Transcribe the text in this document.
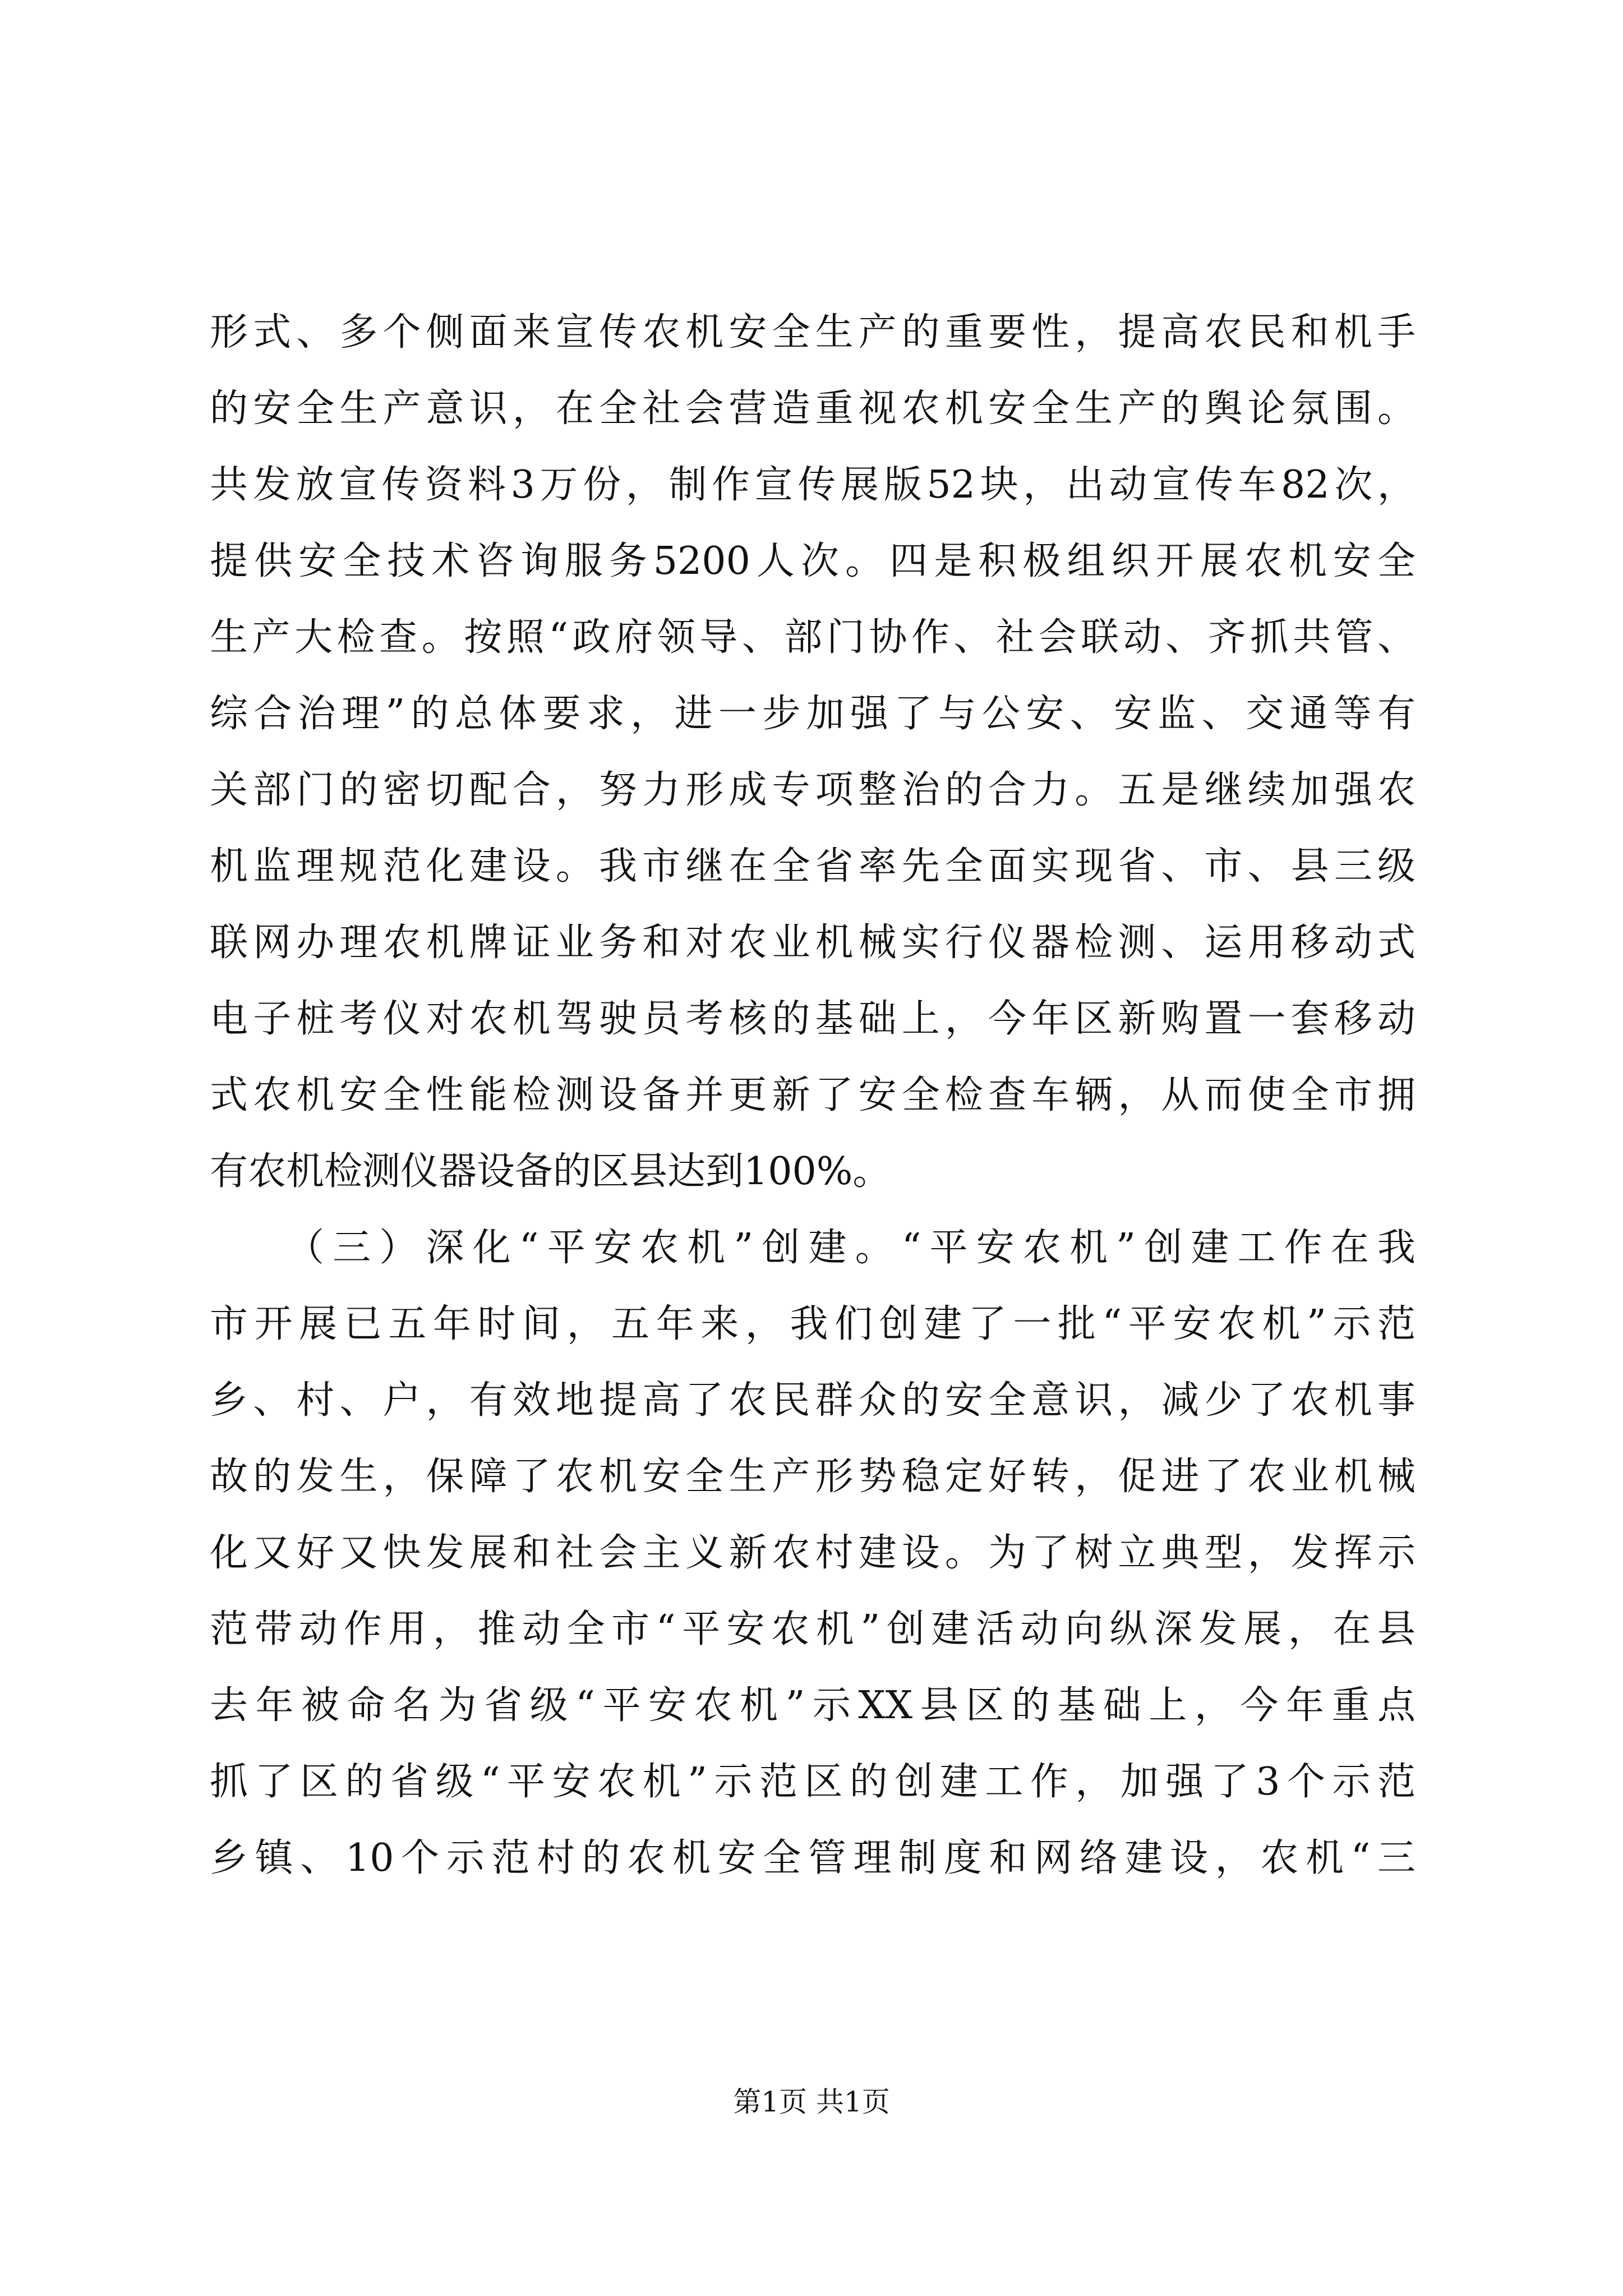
形式、多个侧面来宣传农机安全生产的重要性，提高农民和机手
的安全生产意识，在全社会营造重视农机安全生产的舆论氛围。
共发放宣传资料3万份，制作宣传展版52块，出动宣传车82次，
提供安全技术咨询服务5200人次。四是积极组织开展农机安全
生产大检查。按照“政府领导、部门协作、社会联动、齐抓共管、
综合治理”的总体要求，进一步加强了与公安、安监、交通等有
关部门的密切配合，努力形成专项整治的合力。五是继续加强农
机监理规范化建设。我市继在全省率先全面实现省、市、县三级
联网办理农机牌证业务和对农业机械实行仪器检测、运用移动式
电子桩考仪对农机驾驶员考核的基础上，今年区新购置一套移动
式农机安全性能检测设备并更新了安全检查车辆，从而使全市拥
有农机检测仪器设备的区县达到100%。
（三）深化“平安农机”创建。“平安农机”创建工作在我
市开展已五年时间，五年来，我们创建了一批“平安农机”示范
乡、村、户，有效地提高了农民群众的安全意识，减少了农机事
故的发生，保障了农机安全生产形势稳定好转，促进了农业机械
化又好又快发展和社会主义新农村建设。为了树立典型，发挥示
范带动作用，推动全市“平安农机”创建活动向纵深发展，在县
去年被命名为省级“平安农机”示XX县区的基础上，今年重点
抓了区的省级“平安农机”示范区的创建工作，加强了3个示范
乡镇、10个示范村的农机安全管理制度和网络建设，农机“三
第1页 共1页
